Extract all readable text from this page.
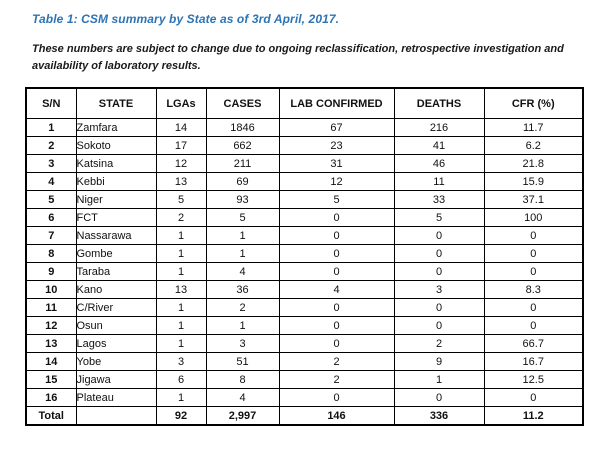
Table 1: CSM summary by State as of 3rd April, 2017.
These numbers are subject to change due to ongoing reclassification, retrospective investigation and availability of laboratory results.
S/N	STATE	LGAs	CASES	LAB CONFIRMED	DEATHS	CFR (%)
1	Zamfara	14	1846	67	216	11.7
2	Sokoto	17	662	23	41	6.2
3	Katsina	12	211	31	46	21.8
4	Kebbi	13	69	12	11	15.9
5	Niger	5	93	5	33	37.1
6	FCT	2	5	0	5	100
7	Nassarawa	1	1	0	0	0
8	Gombe	1	1	0	0	0
9	Taraba	1	4	0	0	0
10	Kano	13	36	4	3	8.3
11	C/River	1	2	0	0	0
12	Osun	1	1	0	0	0
13	Lagos	1	3	0	2	66.7
14	Yobe	3	51	2	9	16.7
15	Jigawa	6	8	2	1	12.5
16	Plateau	1	4	0	0	0
Total		92	2,997	146	336	11.2
